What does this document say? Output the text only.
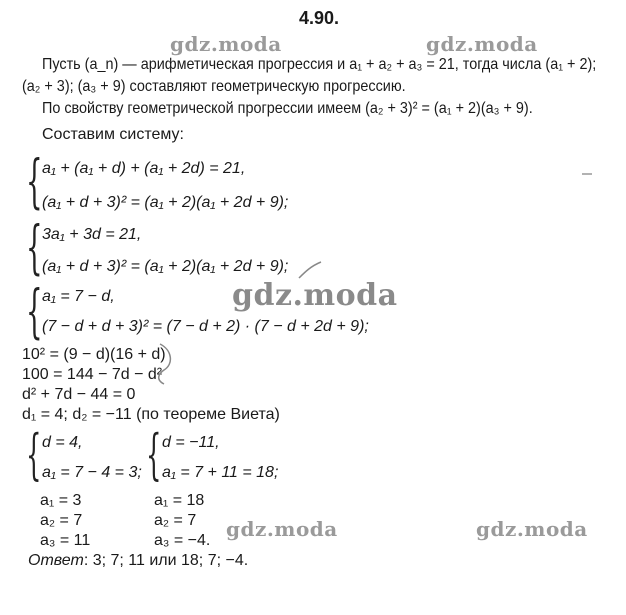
4.90.
gdz.moda	gdz.moda
gdz.moda
gdz.moda	gdz.moda
Пусть (a_n) — арифметическая прогрессия и a₁ + a₂ + a₃ = 21, тогда числа (a₁ + 2);
(a₂ + 3); (a₃ + 9) составляют геометрическую прогрессию.
По свойству геометрической прогрессии имеем (a₂ + 3)² = (a₁ + 2)(a₃ + 9).
Составим систему:
{ a₁ + (a₁ + d) + (a₁ + 2d) = 21,
(a₁ + d + 3)² = (a₁ + 2)(a₁ + 2d + 9);
{ 3a₁ + 3d = 21,
(a₁ + d + 3)² = (a₁ + 2)(a₁ + 2d + 9);
{ a₁ = 7 − d,
(7 − d + d + 3)² = (7 − d + 2) · (7 − d + 2d + 9);
10² = (9 − d)(16 + d)
100 = 144 − 7d − d²
d² + 7d − 44 = 0
d₁ = 4; d₂ = −11 (по теореме Виета)
{ d = 4,
a₁ = 7 − 4 = 3; { d = −11,
a₁ = 7 + 11 = 18;
a₁ = 3
a₂ = 7
a₃ = 11
a₁ = 18
a₂ = 7
a₃ = −4.
Ответ: 3; 7; 11 или 18; 7; −4.
